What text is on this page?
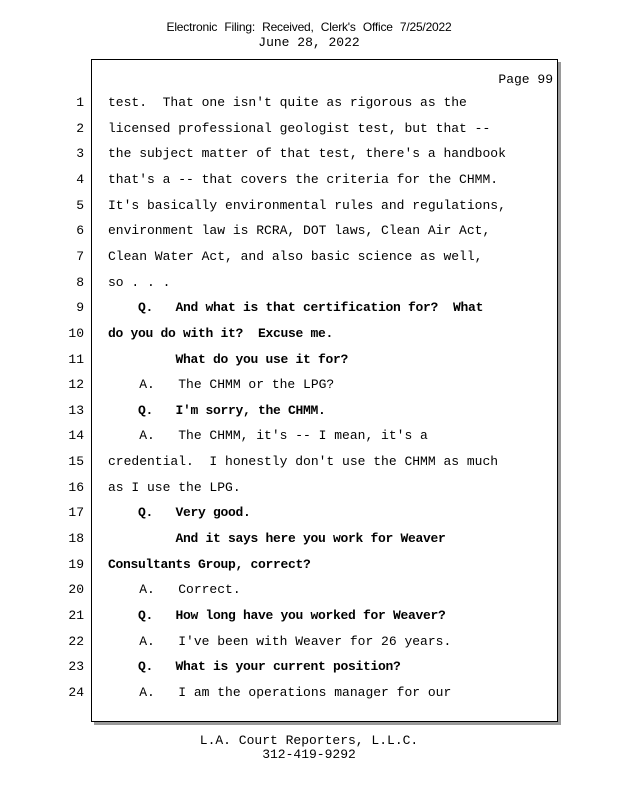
Electronic Filing: Received, Clerk's Office 7/25/2022
June 28, 2022
Page 99
1 test.  That one isn't quite as rigorous as the
2 licensed professional geologist test, but that --
3 the subject matter of that test, there's a handbook
4 that's a -- that covers the criteria for the CHMM.
5 It's basically environmental rules and regulations,
6 environment law is RCRA, DOT laws, Clean Air Act,
7 Clean Water Act, and also basic science as well,
8 so . . .
9 Q.   And what is that certification for?  What
10 do you do with it?  Excuse me.
11 What do you use it for?
12 A.   The CHMM or the LPG?
13 Q.   I'm sorry, the CHMM.
14 A.   The CHMM, it's -- I mean, it's a
15 credential.  I honestly don't use the CHMM as much
16 as I use the LPG.
17 Q.   Very good.
18 And it says here you work for Weaver
19 Consultants Group, correct?
20 A.   Correct.
21 Q.   How long have you worked for Weaver?
22 A.   I've been with Weaver for 26 years.
23 Q.   What is your current position?
24 A.   I am the operations manager for our
L.A. Court Reporters, L.L.C.
312-419-9292
